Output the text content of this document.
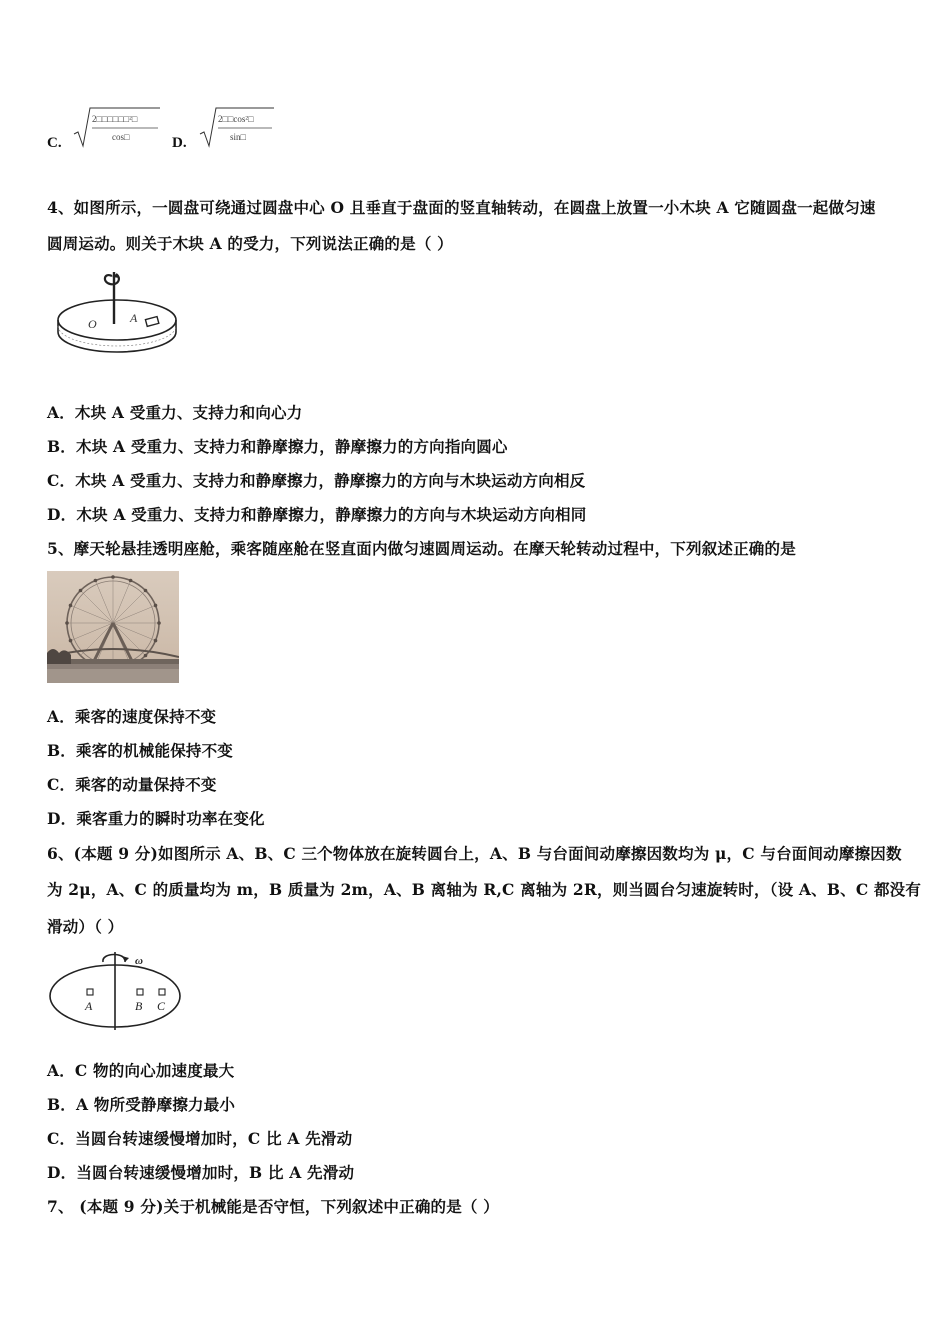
C.
2□□□□□□²□
cos□	D.
2□□cos²□
sin□
4、如图所示，一圆盘可绕通过圆盘中心 O 且垂直于盘面的竖直轴转动，在圆盘上放置一小木块 A 它随圆盘一起做匀速
圆周运动。则关于木块 A 的受力，下列说法正确的是（ ）
O	A
A．木块 A 受重力、支持力和向心力
B．木块 A 受重力、支持力和静摩擦力，静摩擦力的方向指向圆心
C．木块 A 受重力、支持力和静摩擦力，静摩擦力的方向与木块运动方向相反
D．木块 A 受重力、支持力和静摩擦力，静摩擦力的方向与木块运动方向相同
5、摩天轮悬挂透明座舱，乘客随座舱在竖直面内做匀速圆周运动。在摩天轮转动过程中，下列叙述正确的是
A．乘客的速度保持不变
B．乘客的机械能保持不变
C．乘客的动量保持不变
D．乘客重力的瞬时功率在变化
6、(本题 9 分)如图所示 A、B、C 三个物体放在旋转圆台上，A、B 与台面间动摩擦因数均为 μ，C 与台面间动摩擦因数
为 2μ，A、C 的质量均为 m，B 质量为 2m，A、B 离轴为 R,C 离轴为 2R，则当圆台匀速旋转时，（设 A、B、C 都没有
滑动）（ ）
ω
A	B C
A．C 物的向心加速度最大
B．A 物所受静摩擦力最小
C．当圆台转速缓慢增加时，C 比 A 先滑动
D．当圆台转速缓慢增加时，B 比 A 先滑动
7、 (本题 9 分)关于机械能是否守恒，下列叙述中正确的是（ ）
